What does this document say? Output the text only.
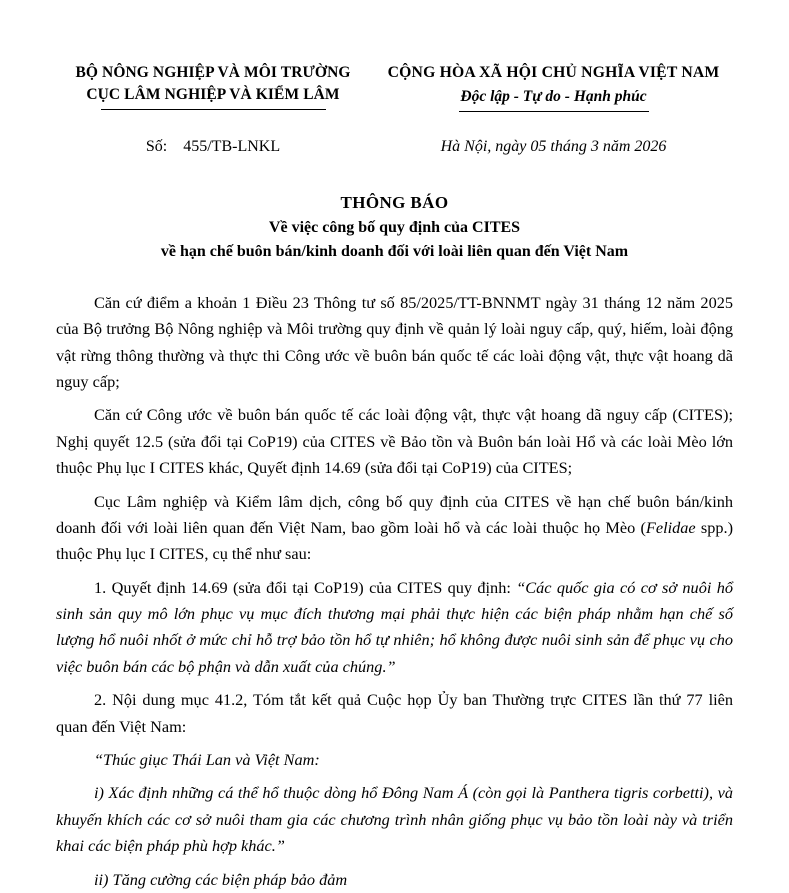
BỘ NÔNG NGHIỆP VÀ MÔI TRƯỜNG
CỤC LÂM NGHIỆP VÀ KIỂM LÂM
CỘNG HÒA XÃ HỘI CHỦ NGHĨA VIỆT NAM
Độc lập - Tự do - Hạnh phúc
Số: 455/TB-LNKL	Hà Nội, ngày 05 tháng 3 năm 2026
THÔNG BÁO
Về việc công bố quy định của CITES
về hạn chế buôn bán/kinh doanh đối với loài liên quan đến Việt Nam

Căn cứ điểm a khoản 1 Điều 23 Thông tư số 85/2025/TT-BNNMT ngày 31 tháng 12 năm 2025 của Bộ trưởng Bộ Nông nghiệp và Môi trường quy định về quản lý loài nguy cấp, quý, hiếm, loài động vật rừng thông thường và thực thi Công ước về buôn bán quốc tế các loài động vật, thực vật hoang dã nguy cấp;

Căn cứ Công ước về buôn bán quốc tế các loài động vật, thực vật hoang dã nguy cấp (CITES); Nghị quyết 12.5 (sửa đổi tại CoP19) của CITES về Bảo tồn và Buôn bán loài Hổ và các loài Mèo lớn thuộc Phụ lục I CITES khác, Quyết định 14.69 (sửa đổi tại CoP19) của CITES;

Cục Lâm nghiệp và Kiểm lâm dịch, công bố quy định của CITES về hạn chế buôn bán/kinh doanh đối với loài liên quan đến Việt Nam, bao gồm loài hổ và các loài thuộc họ Mèo (Felidae spp.) thuộc Phụ lục I CITES, cụ thể như sau:

1. Quyết định 14.69 (sửa đổi tại CoP19) của CITES quy định: “Các quốc gia có cơ sở nuôi hổ sinh sản quy mô lớn phục vụ mục đích thương mại phải thực hiện các biện pháp nhằm hạn chế số lượng hổ nuôi nhốt ở mức chỉ hỗ trợ bảo tồn hổ tự nhiên; hổ không được nuôi sinh sản để phục vụ cho việc buôn bán các bộ phận và dẫn xuất của chúng.”

2. Nội dung mục 41.2, Tóm tắt kết quả Cuộc họp Ủy ban Thường trực CITES lần thứ 77 liên quan đến Việt Nam:

“Thúc giục Thái Lan và Việt Nam:

i) Xác định những cá thể hổ thuộc dòng hổ Đông Nam Á (còn gọi là Panthera tigris corbetti), và khuyến khích các cơ sở nuôi tham gia các chương trình nhân giống phục vụ bảo tồn loài này và triển khai các biện pháp phù hợp khác.”

ii) Tăng cường các biện pháp bảo đảm
